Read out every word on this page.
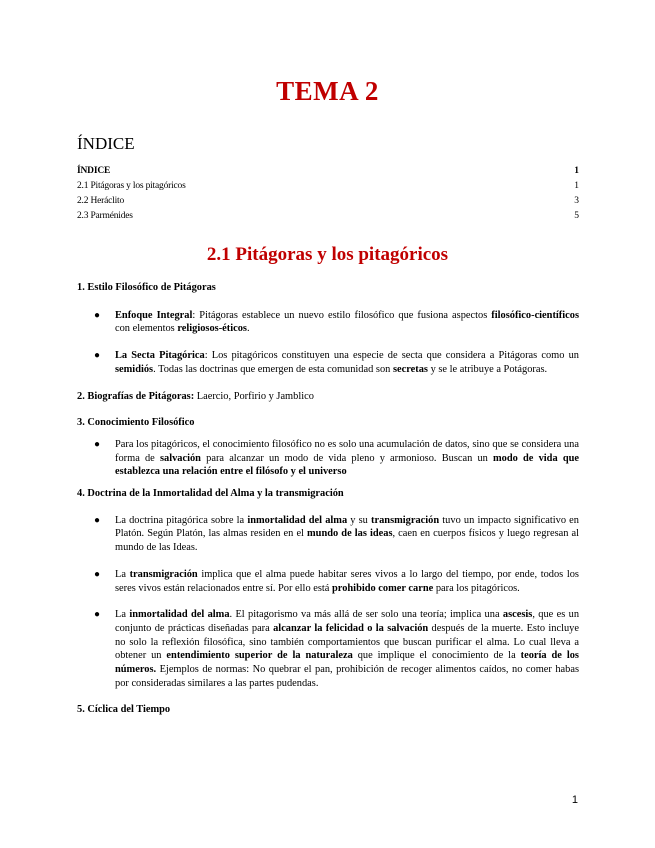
TEMA 2
ÍNDICE
ÍNDICE	1
2.1 Pitágoras y los pitagóricos	1
2.2 Heráclito	3
2.3 Parménides	5
2.1 Pitágoras y los pitagóricos

1. Estilo Filosófico de Pitágoras

● Enfoque Integral: Pitágoras establece un nuevo estilo filosófico que fusiona aspectos filosófico-científicos con elementos religiosos-éticos.

● La Secta Pitagórica: Los pitagóricos constituyen una especie de secta que considera a Pitágoras como un semidiós. Todas las doctrinas que emergen de esta comunidad son secretas y se le atribuye a Potágoras.

2. Biografías de Pitágoras: Laercio, Porfirio y Jamblico

3. Conocimiento Filosófico

● Para los pitagóricos, el conocimiento filosófico no es solo una acumulación de datos, sino que se considera una forma de salvación para alcanzar un modo de vida pleno y armonioso. Buscan un modo de vida que establezca una relación entre el filósofo y el universo

4. Doctrina de la Inmortalidad del Alma y la transmigración

● La doctrina pitagórica sobre la inmortalidad del alma y su transmigración tuvo un impacto significativo en Platón. Según Platón, las almas residen en el mundo de las ideas, caen en cuerpos físicos y luego regresan al mundo de las Ideas.

● La transmigración implica que el alma puede habitar seres vivos a lo largo del tiempo, por ende, todos los seres vivos están relacionados entre sí. Por ello está prohibido comer carne para los pitagóricos.

● La inmortalidad del alma. El pitagorismo va más allá de ser solo una teoría; implica una ascesis, que es un conjunto de prácticas diseñadas para alcanzar la felicidad o la salvación después de la muerte. Esto incluye no solo la reflexión filosófica, sino también comportamientos que buscan purificar el alma. Lo cual lleva a obtener un entendimiento superior de la naturaleza que implique el conocimiento de la teoría de los números. Ejemplos de normas: No quebrar el pan, prohibición de recoger alimentos caídos, no comer habas por consideradas similares a las partes pudendas.

5. Cíclica del Tiempo

1
